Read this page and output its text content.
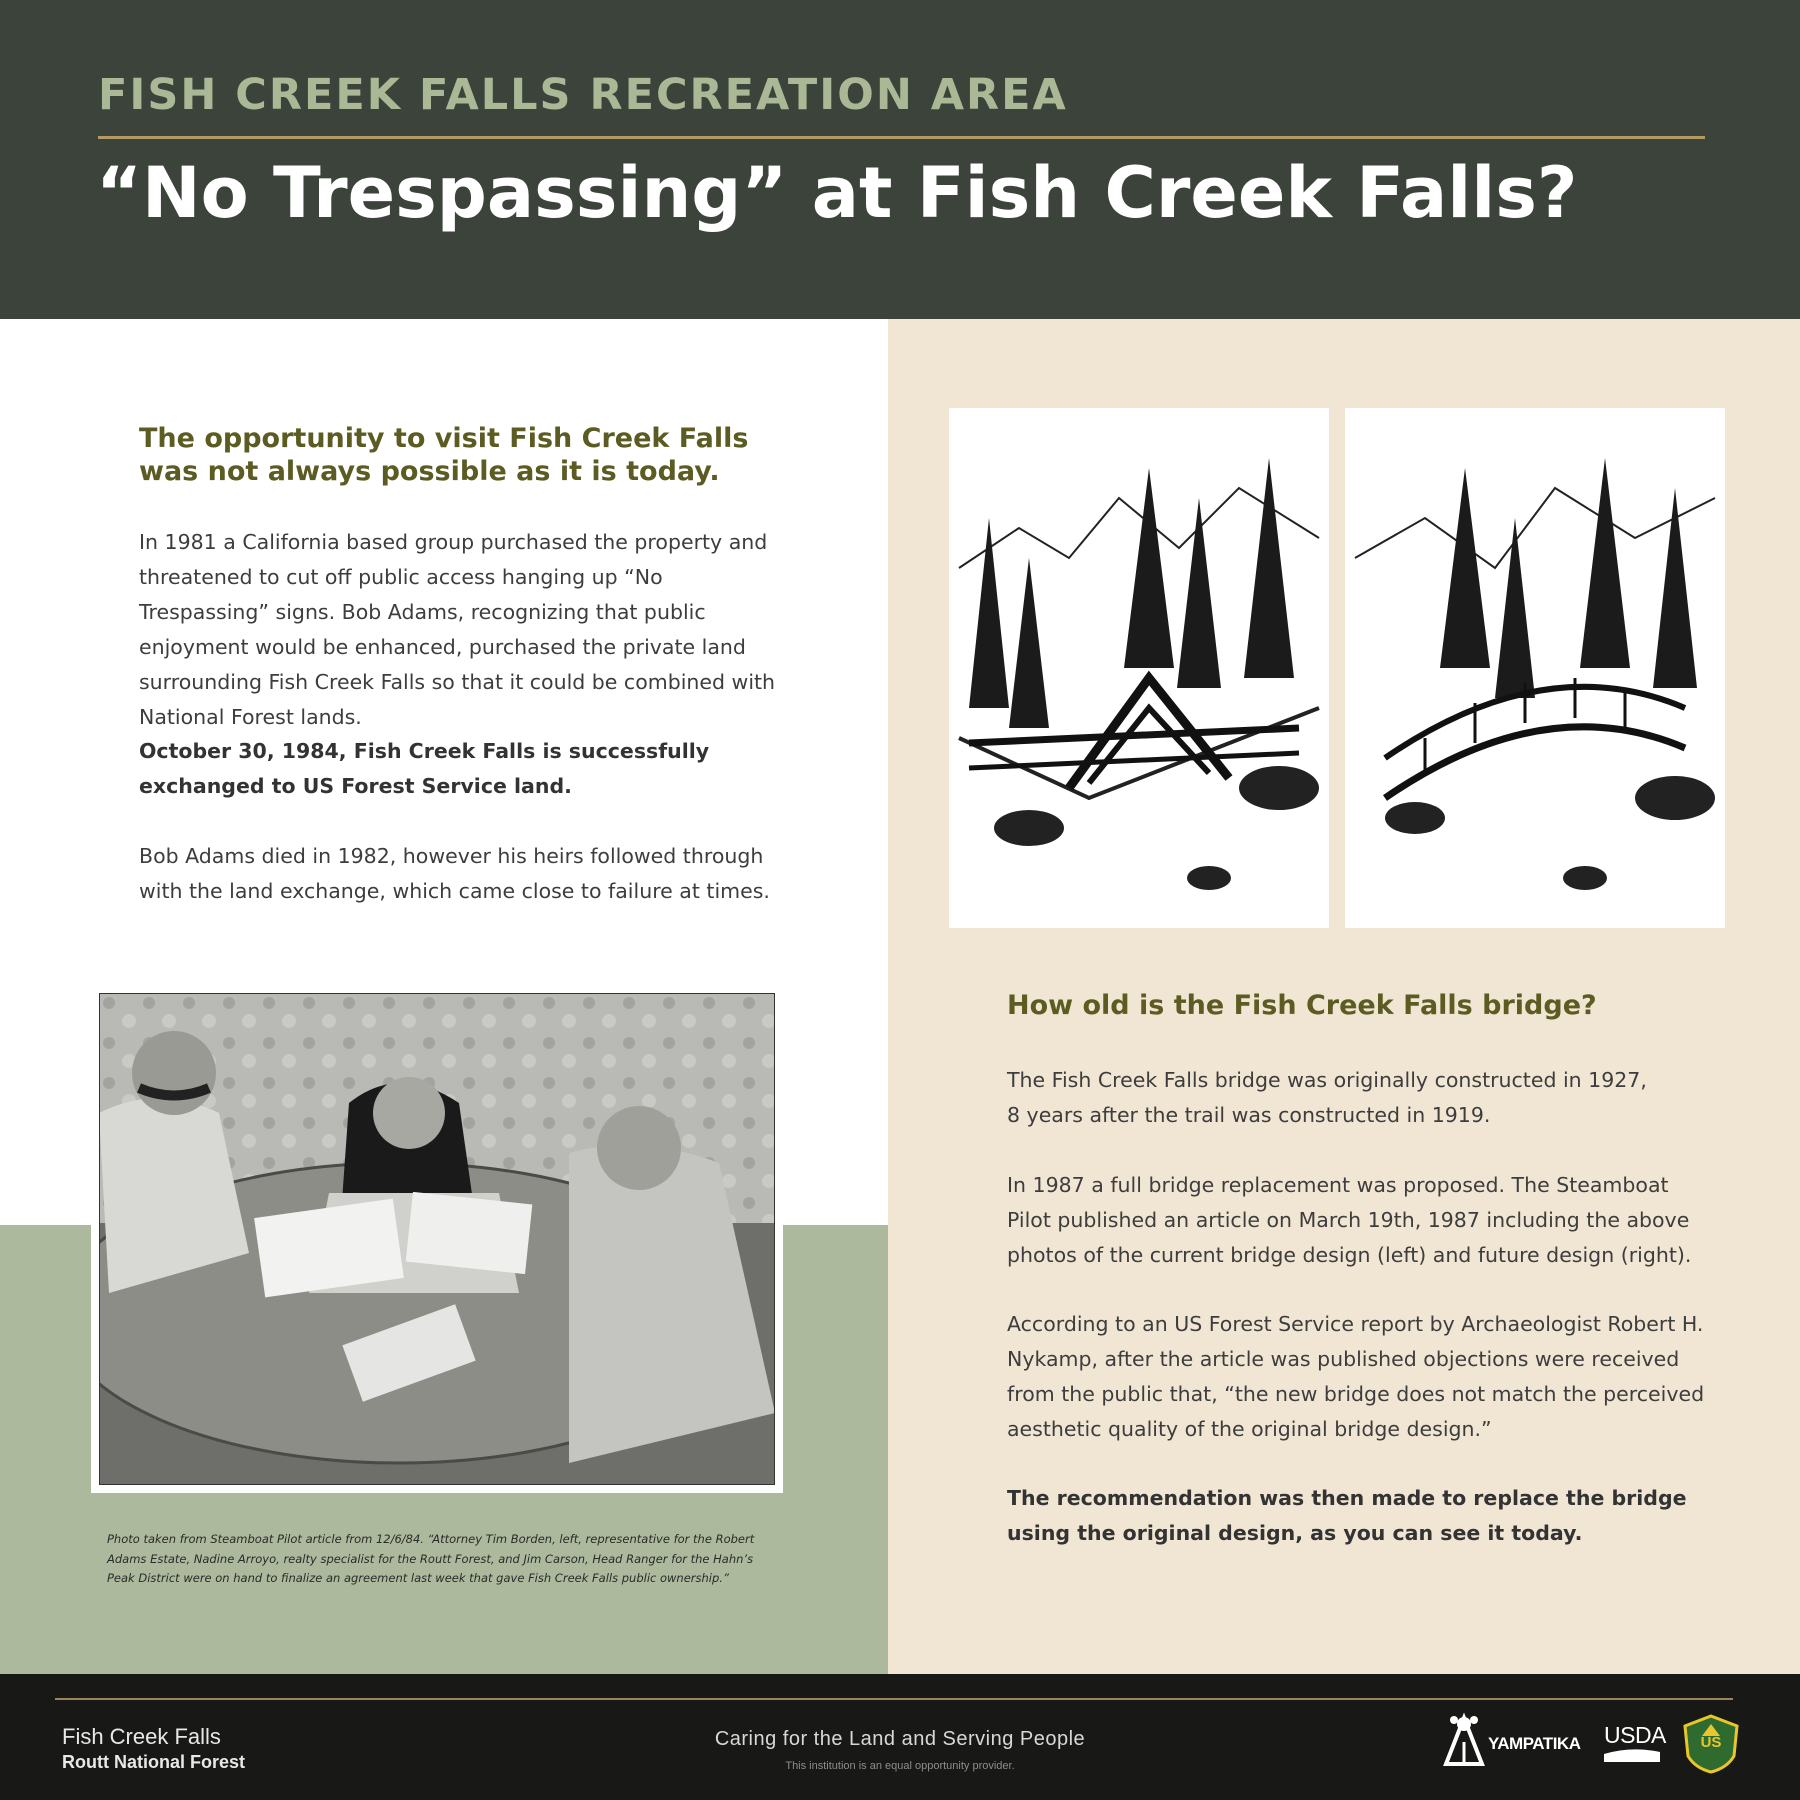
FISH CREEK FALLS RECREATION AREA
“No Trespassing” at Fish Creek Falls?
The opportunity to visit Fish Creek Falls
was not always possible as it is today.
In 1981 a California based group purchased the property and threatened to cut off public access hanging up “No Trespassing” signs. Bob Adams, recognizing that public enjoyment would be enhanced, purchased the private land surrounding Fish Creek Falls so that it could be combined with National Forest lands.
October 30, 1984, Fish Creek Falls is successfully exchanged to US Forest Service land.
Bob Adams died in 1982, however his heirs followed through with the land exchange, which came close to failure at times.
Photo taken from Steamboat Pilot article from 12/6/84. “Attorney Tim Borden, left, representative for the Robert Adams Estate, Nadine Arroyo, realty specialist for the Routt Forest, and Jim Carson, Head Ranger for the Hahn’s Peak District were on hand to finalize an agreement last week that gave Fish Creek Falls public ownership.”
How old is the Fish Creek Falls bridge?
The Fish Creek Falls bridge was originally constructed in 1927,
8 years after the trail was constructed in 1919.
In 1987 a full bridge replacement was proposed. The Steamboat Pilot published an article on March 19th, 1987 including the above photos of the current bridge design (left) and future design (right).
According to an US Forest Service report by Archaeologist Robert H. Nykamp, after the article was published objections were received from the public that, “the new bridge does not match the perceived aesthetic quality of the original bridge design.”
The recommendation was then made to replace the bridge using the original design, as you can see it today.
Fish Creek Falls
Routt National Forest
Caring for the Land and Serving People
This institution is an equal opportunity provider.
YAMPATIKA USDA	US
